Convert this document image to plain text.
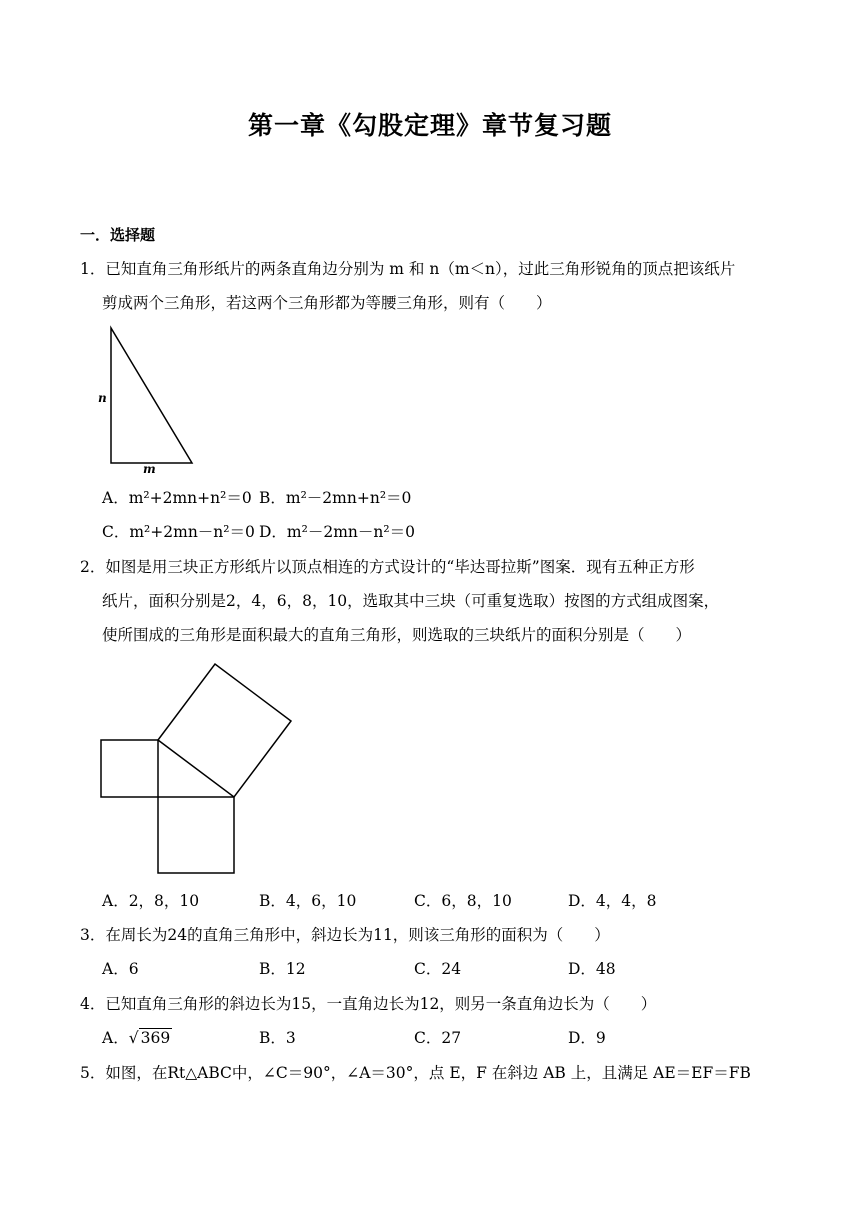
第一章《勾股定理》章节复习题
一．选择题
1．已知直角三角形纸片的两条直角边分别为 m 和 n（m＜n），过此三角形锐角的顶点把该纸片
剪成两个三角形，若这两个三角形都为等腰三角形，则有（　　）
n
m
A．m²+2mn+n²＝0 B．m²－2mn+n²＝0
C．m²+2mn－n²＝0 D．m²－2mn－n²＝0
2．如图是用三块正方形纸片以顶点相连的方式设计的“毕达哥拉斯”图案．现有五种正方形
纸片，面积分别是2，4，6，8，10，选取其中三块（可重复选取）按图的方式组成图案，
使所围成的三角形是面积最大的直角三角形，则选取的三块纸片的面积分别是（　　）
A．2，8，10	B．4，6，10	C．6，8，10	D．4，4，8
3．在周长为24的直角三角形中，斜边长为11，则该三角形的面积为（　　）
A．6	B．12	C．24	D．48
4．已知直角三角形的斜边长为15，一直角边长为12，则另一条直角边长为（　　）
A．√ 369	B．3	C．27	D．9
5．如图，在Rt△ABC中，∠C＝90°，∠A＝30°，点 E，F 在斜边 AB 上，且满足 AE＝EF＝FB
